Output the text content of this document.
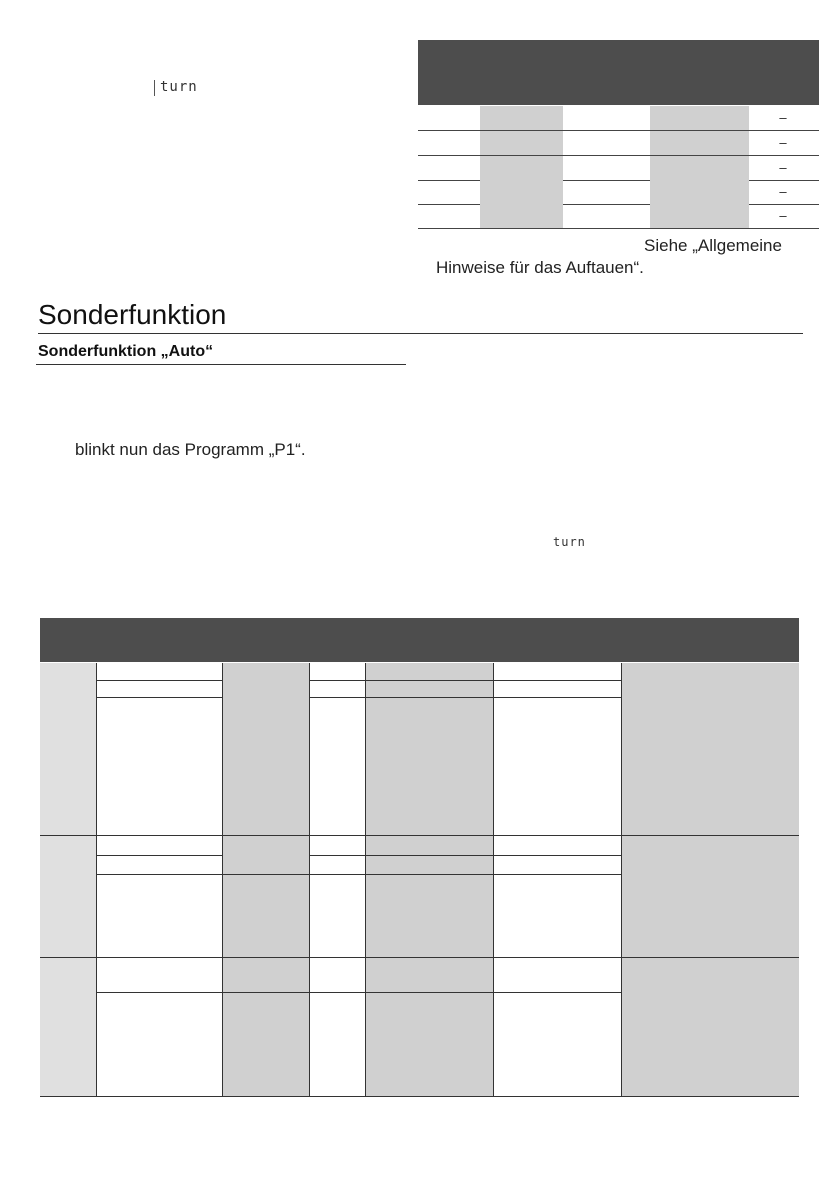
turn
–
–
–
–
–
Siehe „Allgemeine
Hinweise für das Auftauen“.
Sonderfunktion
Sonderfunktion „Auto“
blinkt nun das Programm „P1“.
turn
